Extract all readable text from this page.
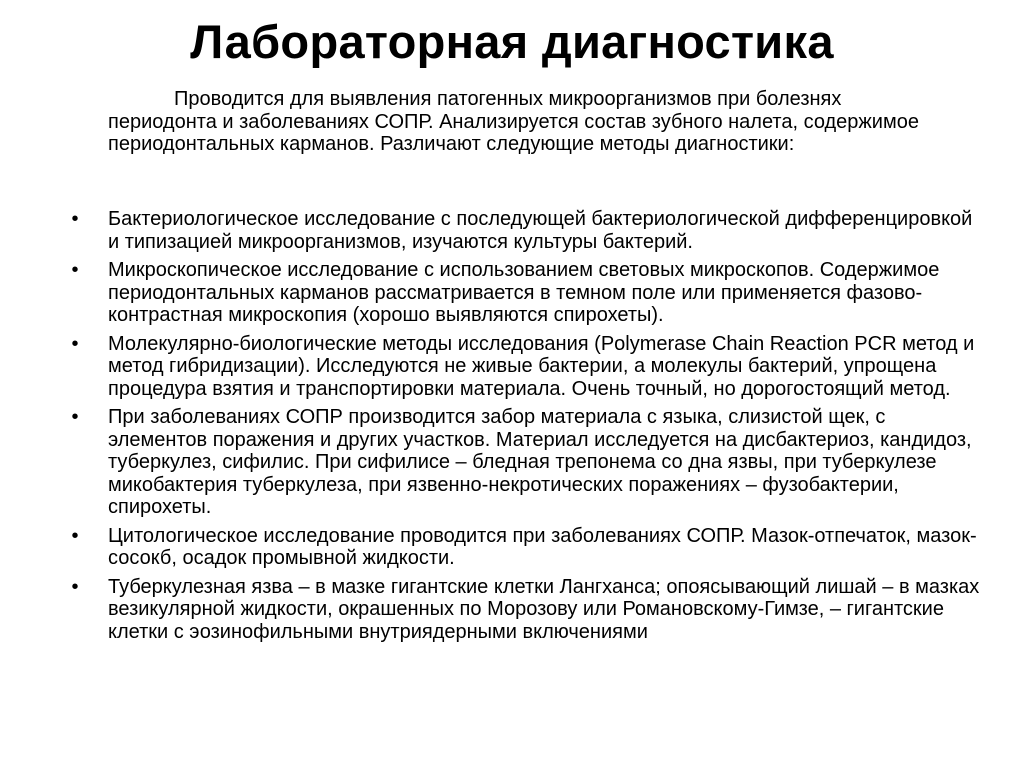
Лабораторная диагностика

Проводится для выявления патогенных микроорганизмов при болезнях периодонта и заболеваниях СОПР. Анализируется состав зубного налета, содержимое периодонтальных карманов. Различают следующие методы диагностики:

• Бактериологическое исследование с последующей бактериологической дифференцировкой и типизацией микроорганизмов, изучаются культуры бактерий.
• Микроскопическое исследование с использованием световых микроскопов. Содержимое периодонтальных карманов рассматривается в темном поле или применяется фазово-контрастная микроскопия (хорошо выявляются спирохеты).
• Молекулярно-биологические методы исследования (Polymerase Chain Reaction PCR метод и метод гибридизации). Исследуются не живые бактерии, а молекулы бактерий, упрощена процедура взятия и транспортировки материала. Очень точный, но дорогостоящий метод.
• При заболеваниях СОПР производится забор материала с языка, слизистой щек, с элементов поражения и других участков. Материал исследуется на дисбактериоз, кандидоз, туберкулез, сифилис. При сифилисе – бледная трепонема со дна язвы, при туберкулезе микобактерия туберкулеза, при язвенно-некротических поражениях – фузобактерии, спирохеты.
• Цитологическое исследование проводится при заболеваниях СОПР. Мазок-отпечаток, мазок-сосокб, осадок промывной жидкости.
• Туберкулезная язва – в мазке гигантские клетки Лангханса; опоясывающий лишай – в мазках везикулярной жидкости, окрашенных по Морозову или Романовскому-Гимзе, – гигантские клетки с эозинофильными внутриядерными включениями
